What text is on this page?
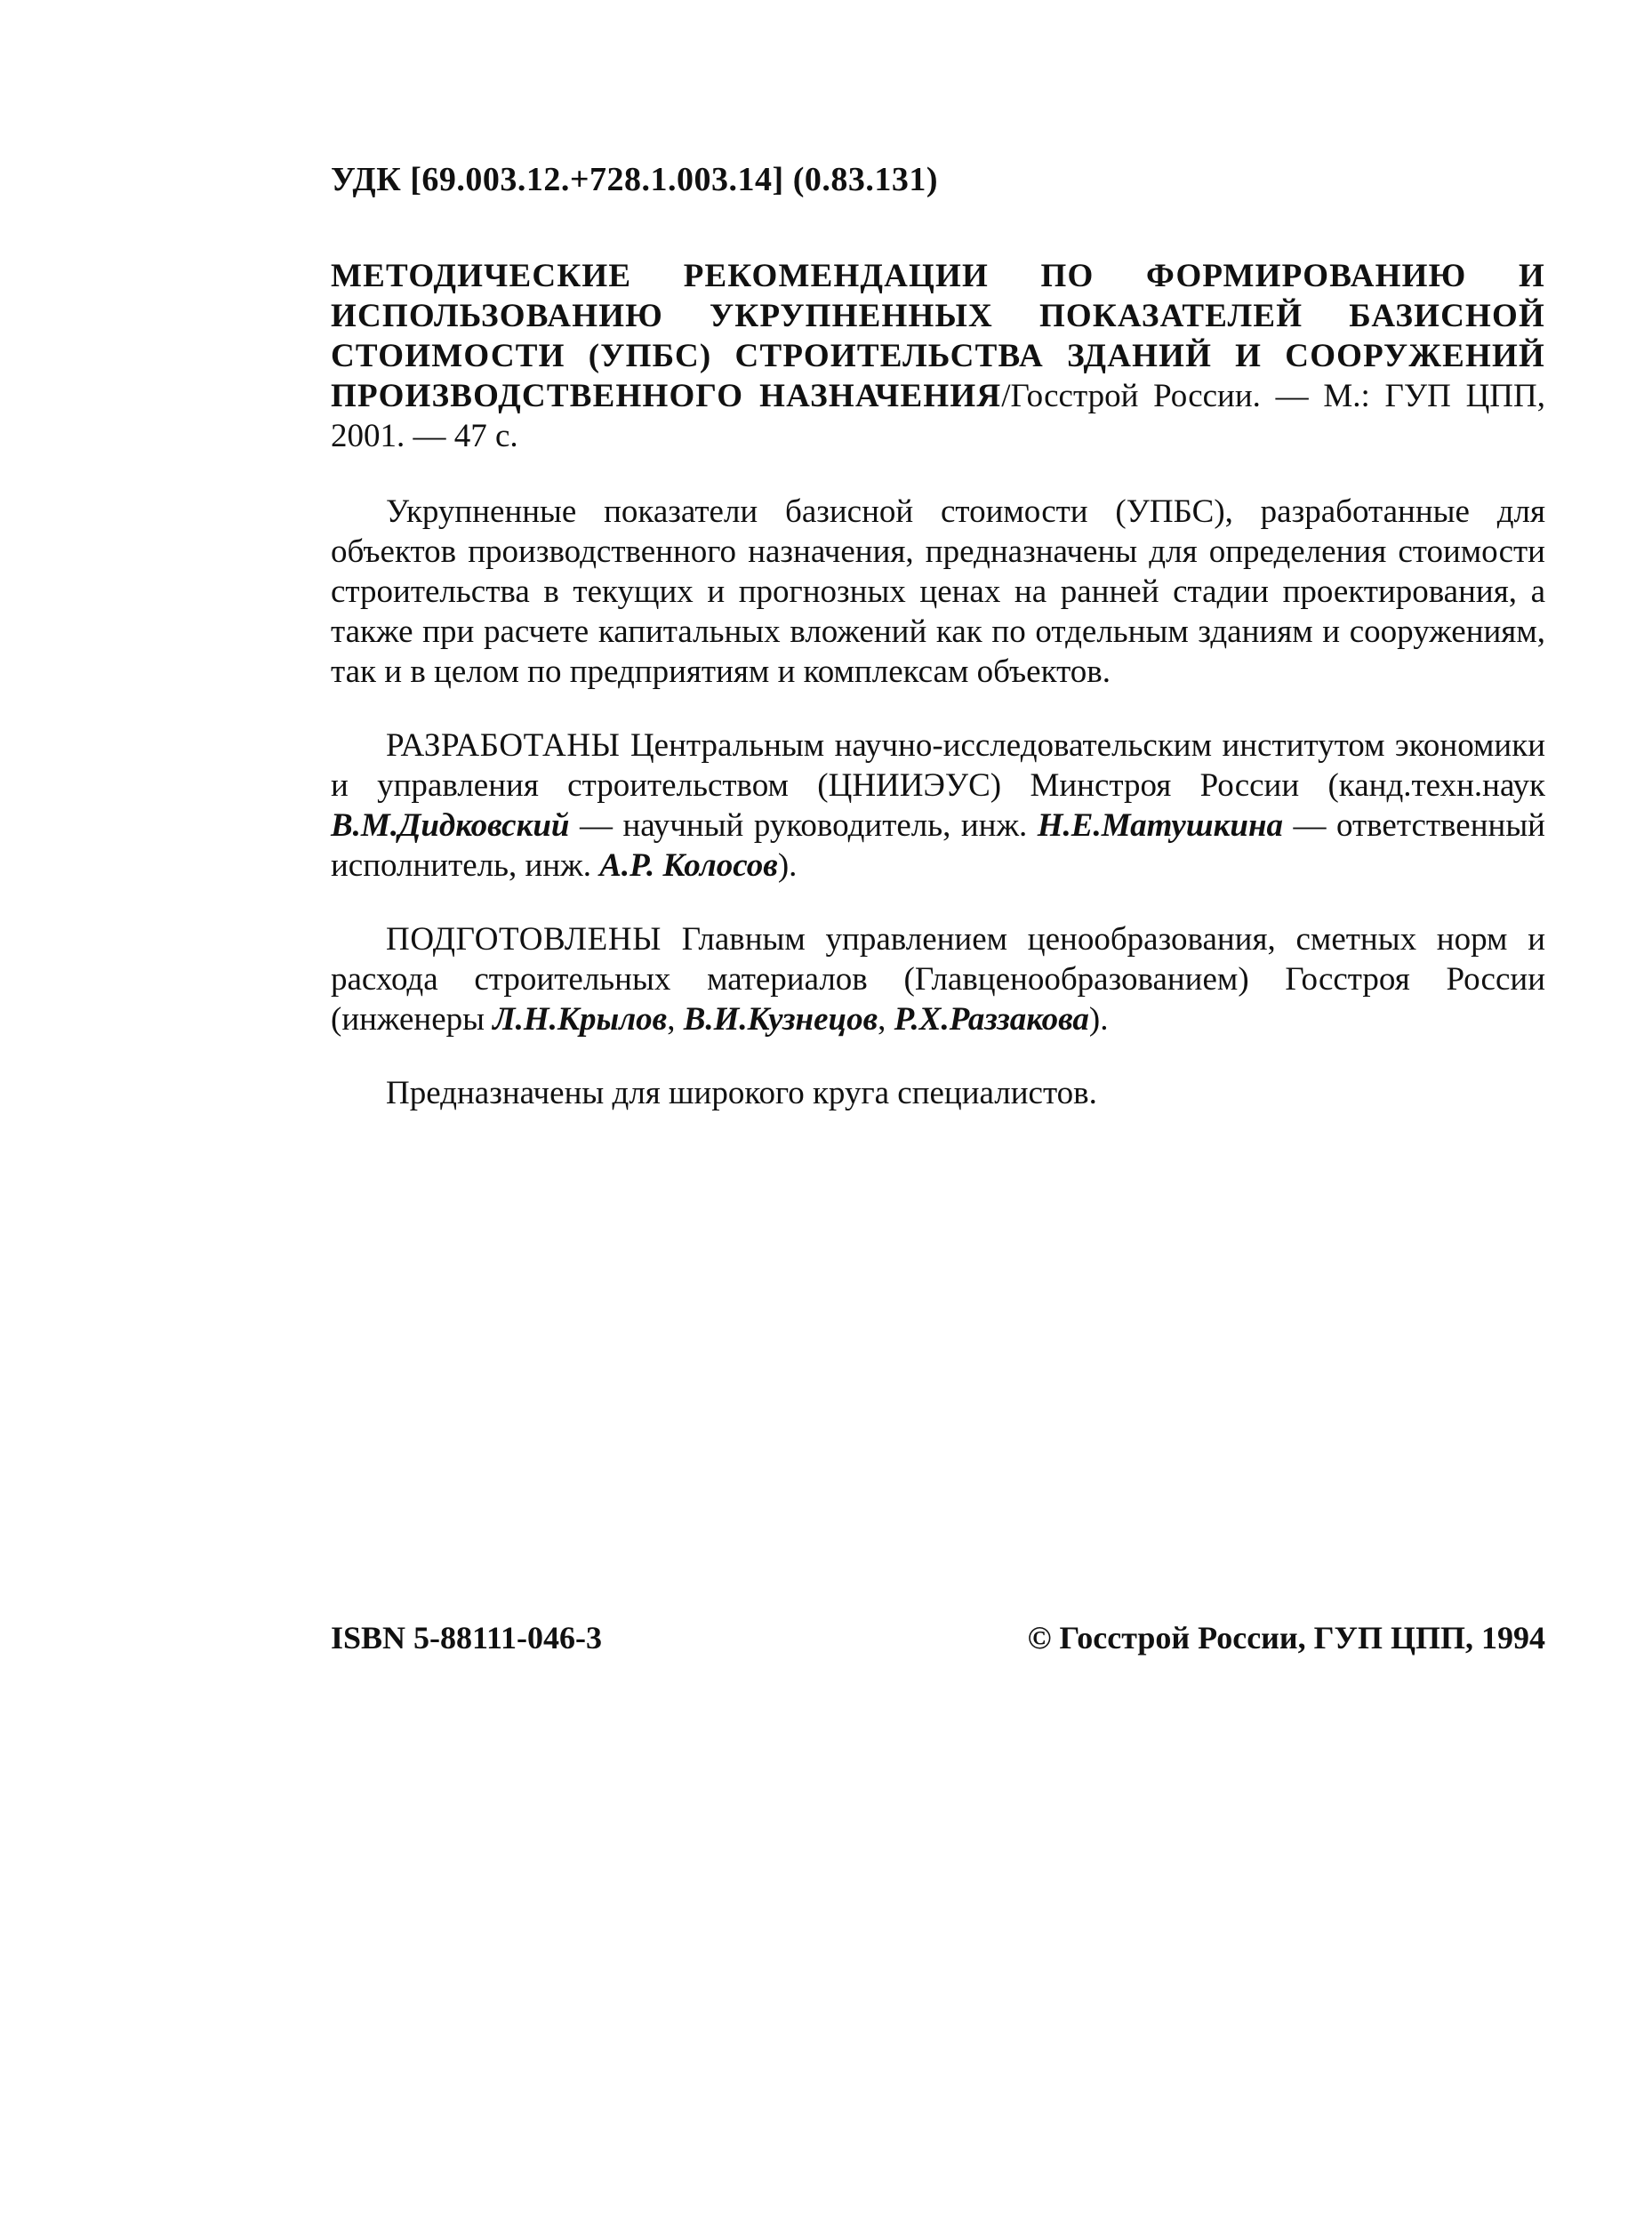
УДК [69.003.12.+728.1.003.14] (0.83.131)
МЕТОДИЧЕСКИЕ РЕКОМЕНДАЦИИ ПО ФОРМИРОВАНИЮ И ИСПОЛЬЗОВАНИЮ УКРУПНЕННЫХ ПОКАЗАТЕЛЕЙ БАЗИСНОЙ СТОИМОСТИ (УПБС) СТРОИТЕЛЬСТВА ЗДАНИЙ И СООРУЖЕНИЙ ПРОИЗВОДСТВЕННОГО НАЗНАЧЕНИЯ/Госстрой России. — М.: ГУП ЦПП, 2001. — 47 с.

Укрупненные показатели базисной стоимости (УПБС), разработанные для объектов производственного назначения, предназначены для определения стоимости строительства в текущих и прогнозных ценах на ранней стадии проектирования, а также при расчете капитальных вложений как по отдельным зданиям и сооружениям, так и в целом по предприятиям и комплексам объектов.

РАЗРАБОТАНЫ Центральным научно-исследовательским институтом экономики и управления строительством (ЦНИИЭУС) Минстроя России (канд.техн.наук В.М.Дидковский — научный руководитель, инж. Н.Е.Матушкина — ответственный исполнитель, инж. А.Р. Колосов).

ПОДГОТОВЛЕНЫ Главным управлением ценообразования, сметных норм и расхода строительных материалов (Главценообразованием) Госстроя России (инженеры Л.Н.Крылов, В.И.Кузнецов, Р.Х.Раззакова).

Предназначены для широкого круга специалистов.

ISBN 5-88111-046-3	© Госстрой России, ГУП ЦПП, 1994
